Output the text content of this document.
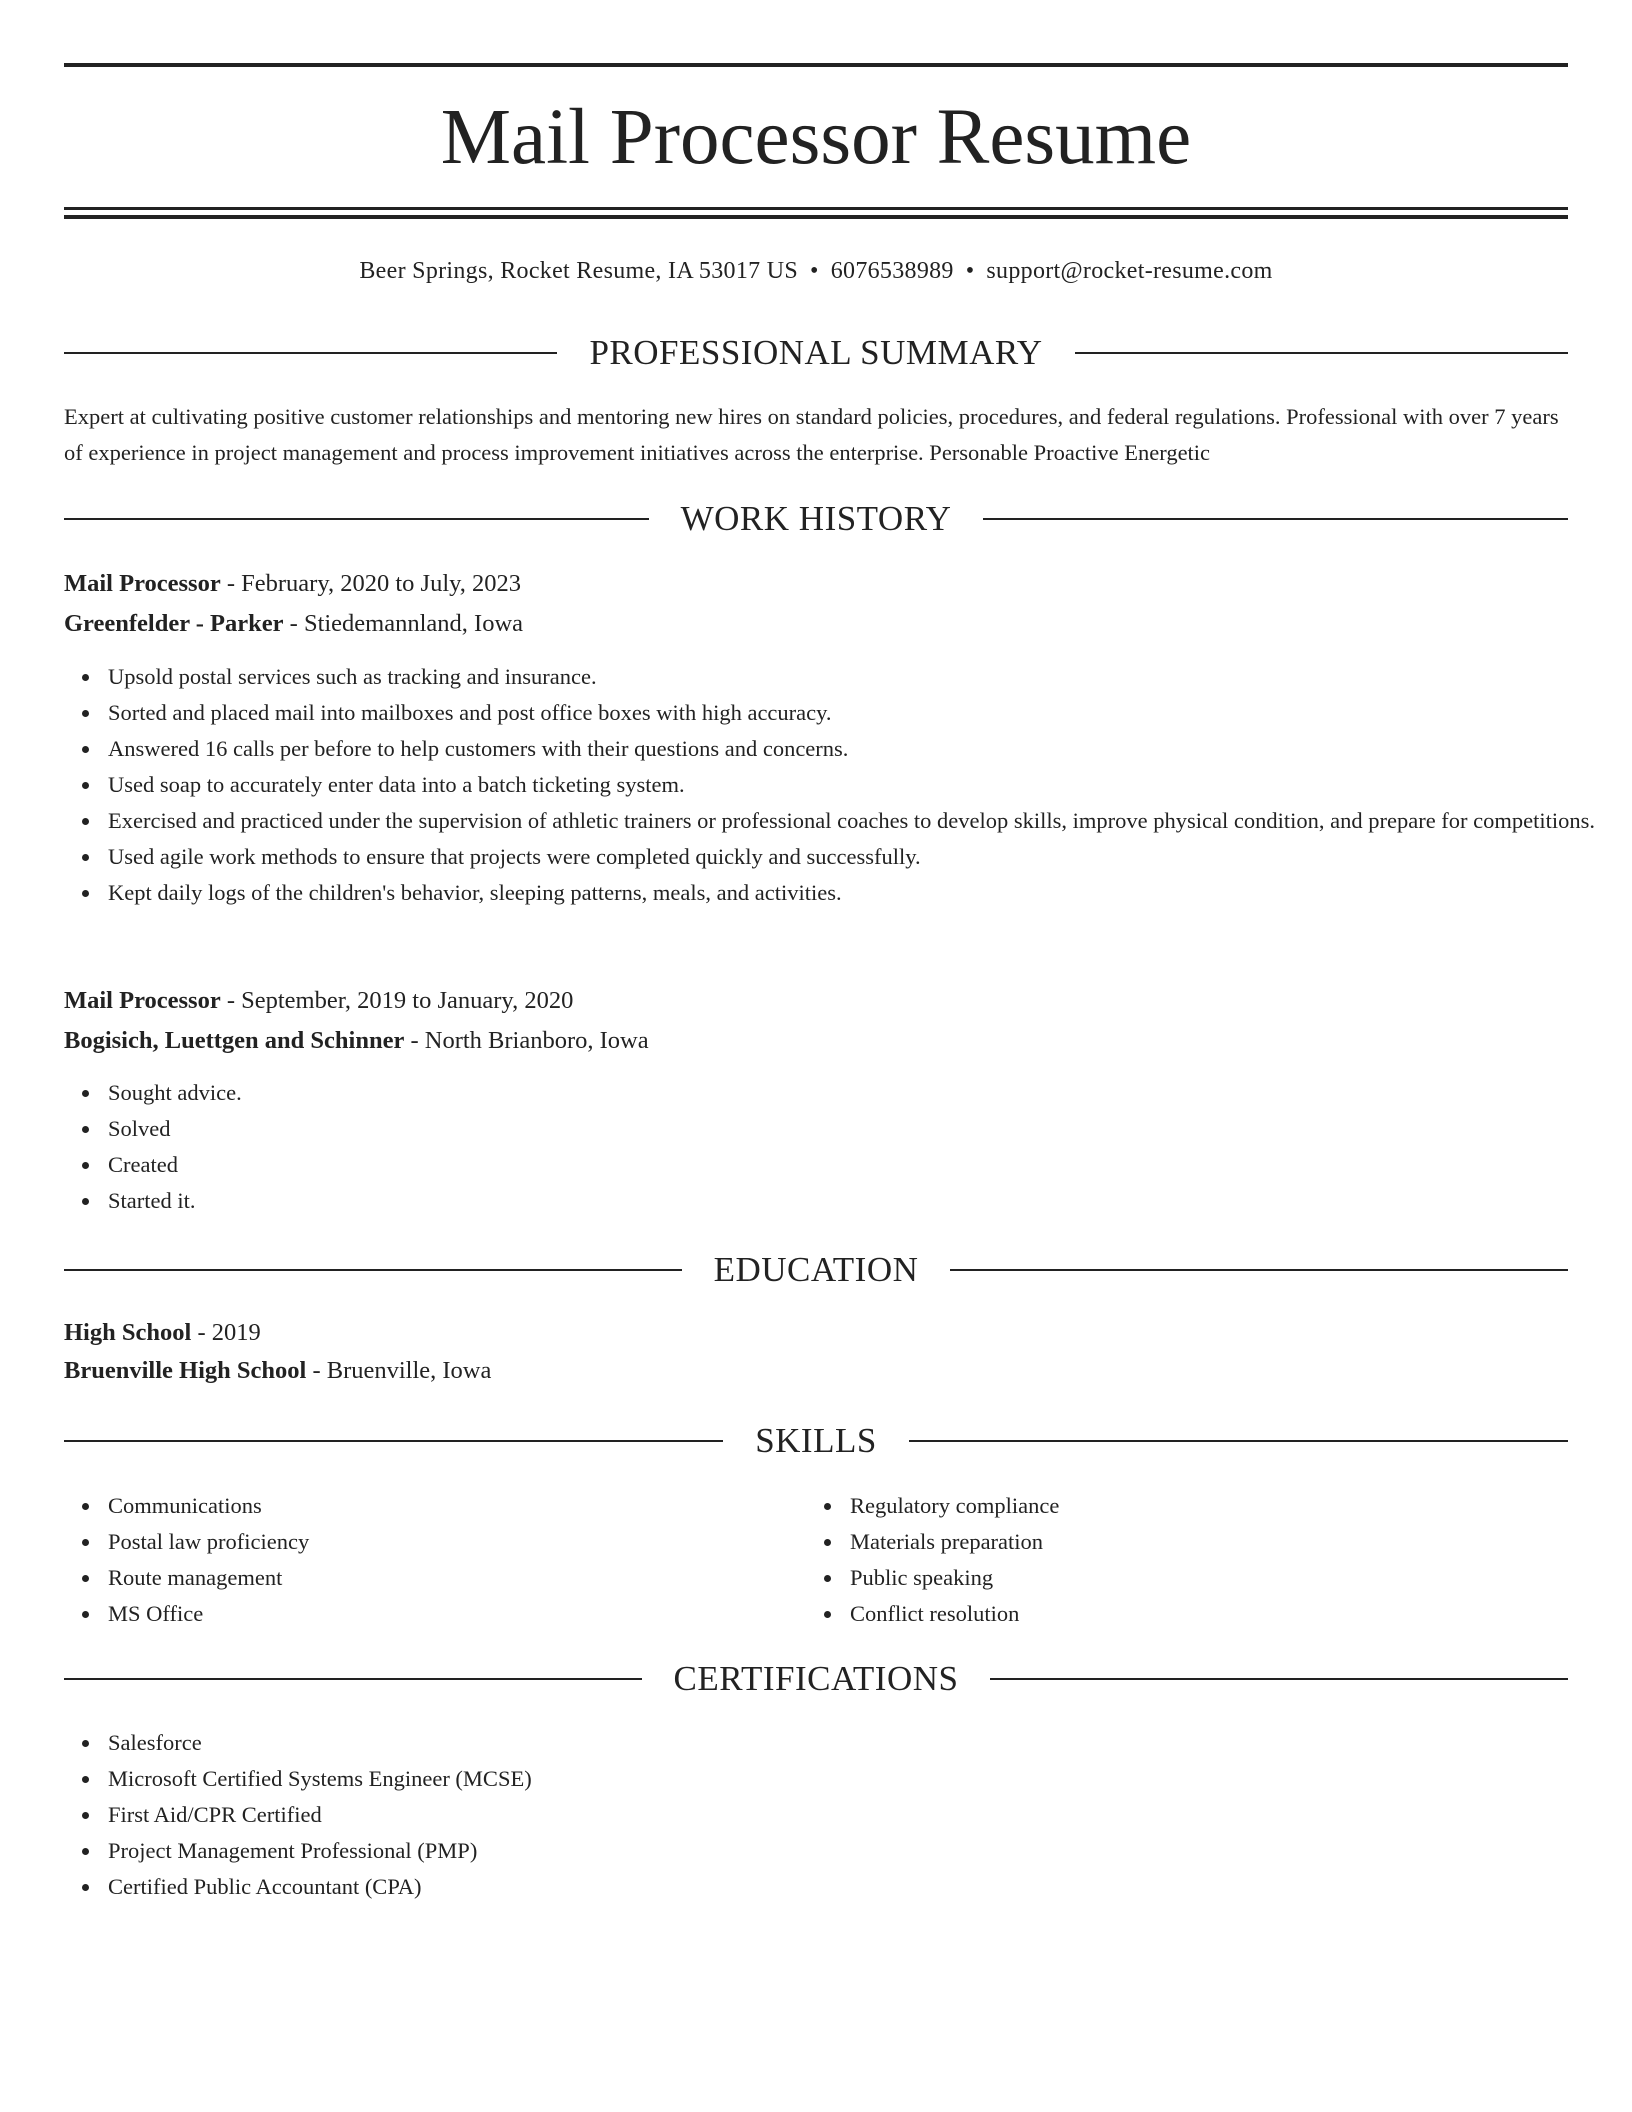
Mail Processor Resume
Beer Springs, Rocket Resume, IA 53017 US • 6076538989 • support@rocket-resume.com
PROFESSIONAL SUMMARY
Expert at cultivating positive customer relationships and mentoring new hires on standard policies, procedures, and federal regulations. Professional with over 7 years of experience in project management and process improvement initiatives across the enterprise. Personable Proactive Energetic
WORK HISTORY
Mail Processor - February, 2020 to July, 2023
Greenfelder - Parker - Stiedemannland, Iowa
Upsold postal services such as tracking and insurance.
Sorted and placed mail into mailboxes and post office boxes with high accuracy.
Answered 16 calls per before to help customers with their questions and concerns.
Used soap to accurately enter data into a batch ticketing system.
Exercised and practiced under the supervision of athletic trainers or professional coaches to develop skills, improve physical condition, and prepare for competitions.
Used agile work methods to ensure that projects were completed quickly and successfully.
Kept daily logs of the children's behavior, sleeping patterns, meals, and activities.
Mail Processor - September, 2019 to January, 2020
Bogisich, Luettgen and Schinner - North Brianboro, Iowa
Sought advice.
Solved
Created
Started it.
EDUCATION
High School - 2019
Bruenville High School - Bruenville, Iowa
SKILLS
Communications
Postal law proficiency
Route management
MS Office
Regulatory compliance
Materials preparation
Public speaking
Conflict resolution
CERTIFICATIONS
Salesforce
Microsoft Certified Systems Engineer (MCSE)
First Aid/CPR Certified
Project Management Professional (PMP)
Certified Public Accountant (CPA)
